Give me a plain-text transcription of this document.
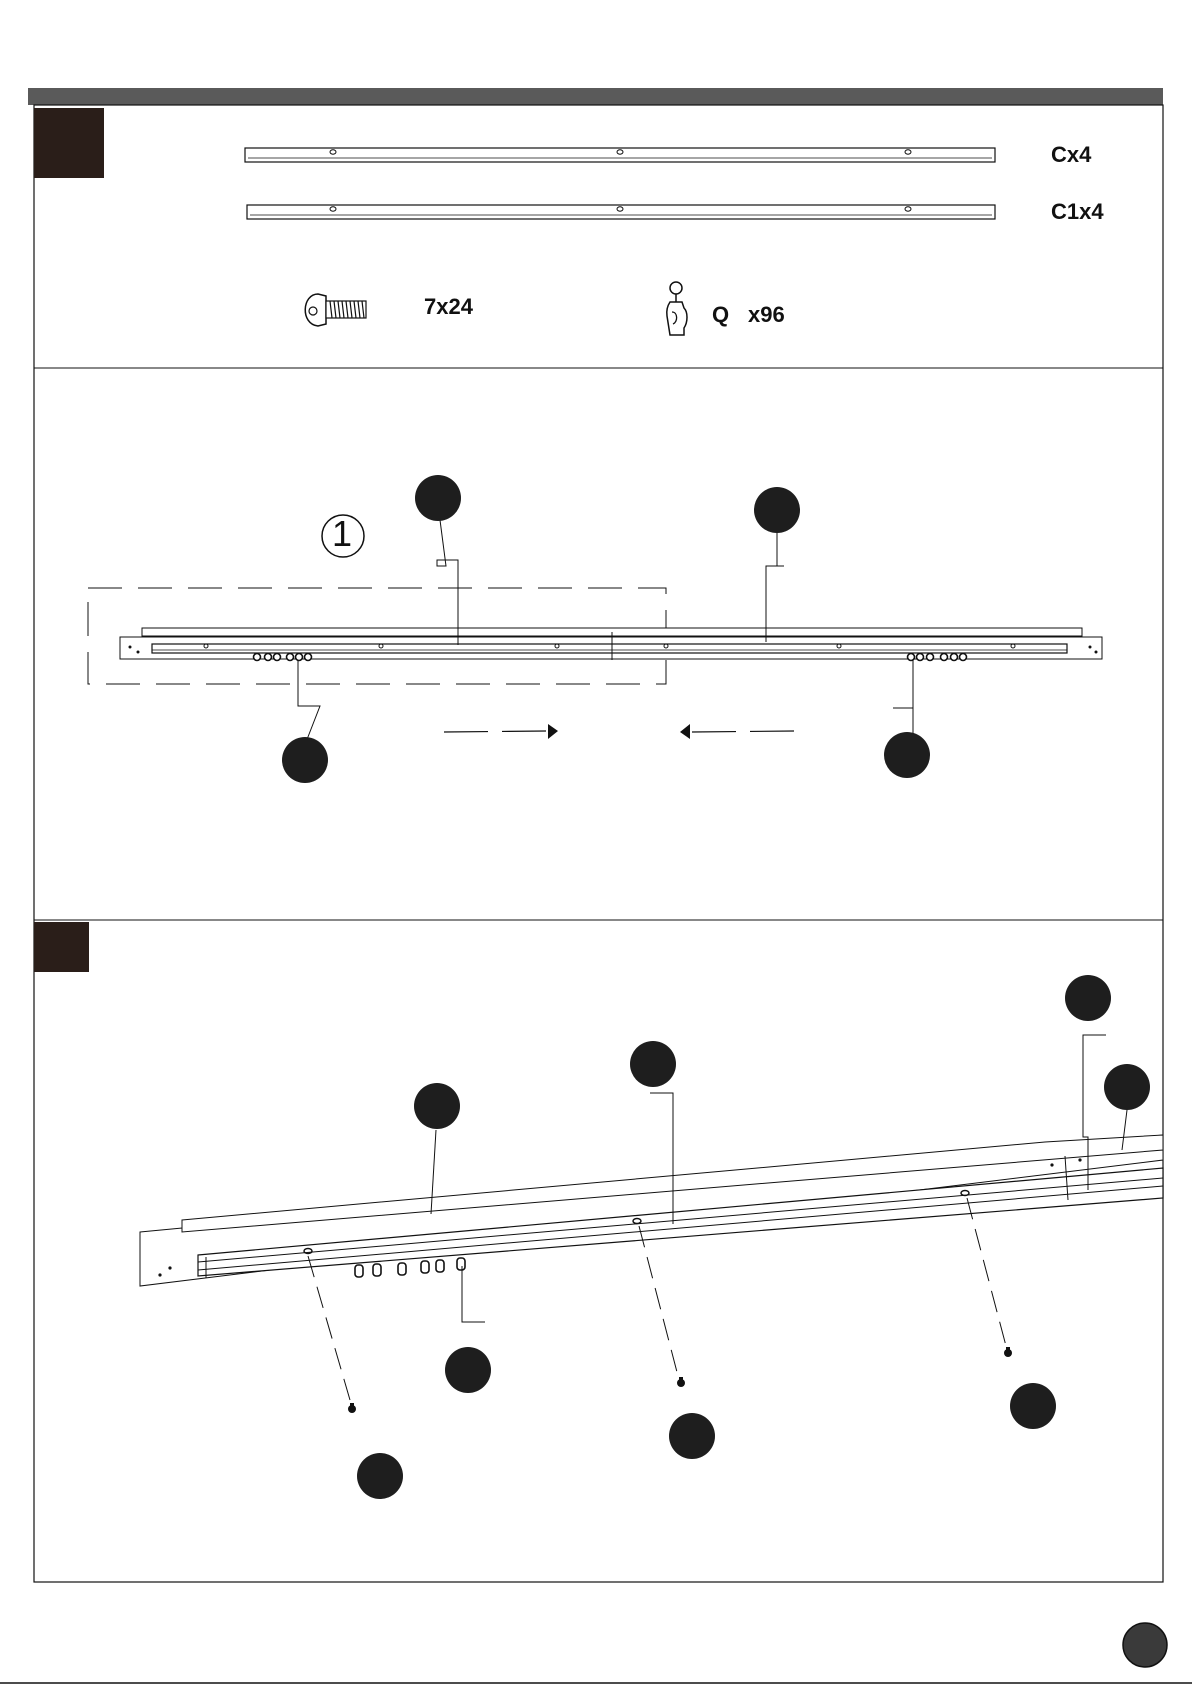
Cx4
C1x4
7x24	Q x96
1
